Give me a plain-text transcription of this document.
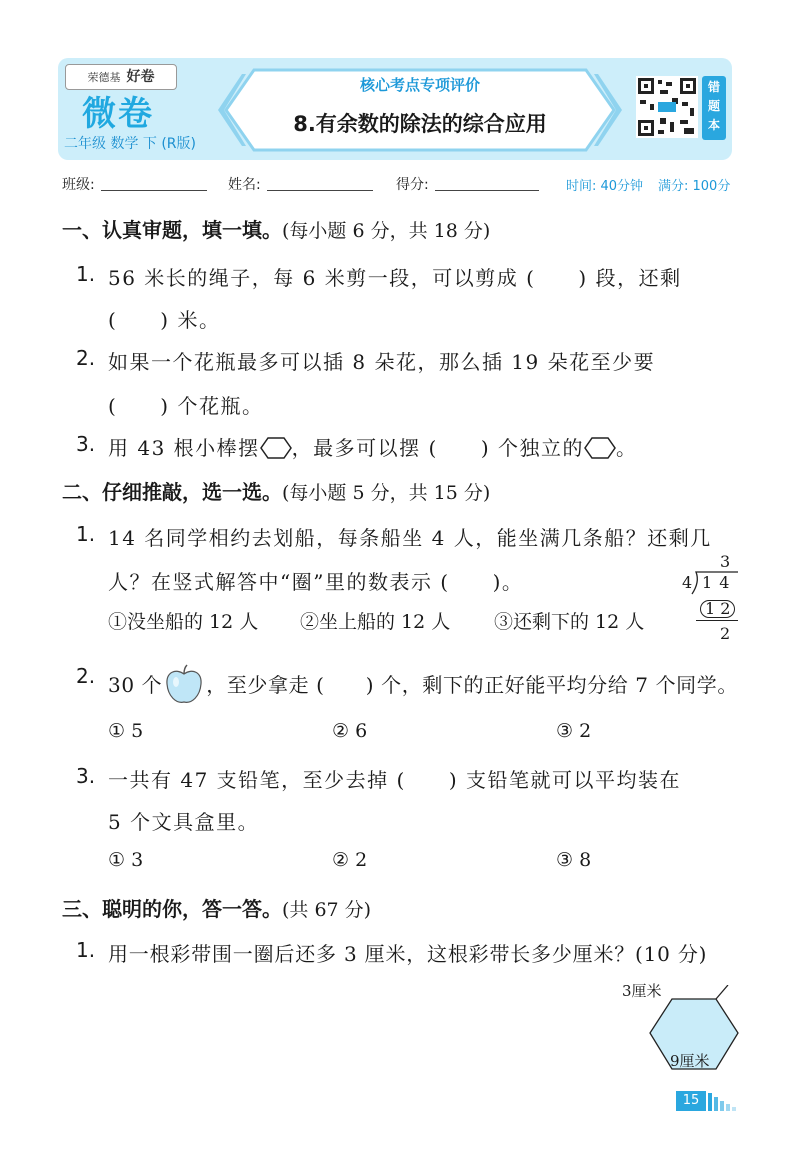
荣德基 好卷
微卷
二年级 数学 下 (R版)
核心考点专项评价
8.有余数的除法的综合应用
错
题
本
班级:	姓名:	得分:	时间: 40分钟 满分: 100分
一、认真审题，填一填。(每小题 6 分，共 18 分)
1. 56 米长的绳子，每 6 米剪一段，可以剪成 (　　) 段，还剩
(　　) 米。
2. 如果一个花瓶最多可以插 8 朵花，那么插 19 朵花至少要
(　　) 个花瓶。
3. 用 43 根小棒摆 ，最多可以摆 (　　) 个独立的 。
二、仔细推敲，选一选。(每小题 5 分，共 15 分)
1. 14 名同学相约去划船，每条船坐 4 人，能坐满几条船？还剩几
人？在竖式解答中“圈”里的数表示 (　　)。
①没坐船的 12 人 ②坐上船的 12 人 ③还剩下的 12 人
3
4 1 4
1 2
2
2. 30 个 ，至少拿走 (　　) 个，剩下的正好能平均分给 7 个同学。
① 5	② 6	③ 2
3. 一共有 47 支铅笔，至少去掉 (　　) 支铅笔就可以平均装在
5 个文具盒里。
① 3	② 2	③ 8
三、聪明的你，答一答。(共 67 分)
1. 用一根彩带围一圈后还多 3 厘米，这根彩带长多少厘米？(10 分)
3厘米
9厘米
15
